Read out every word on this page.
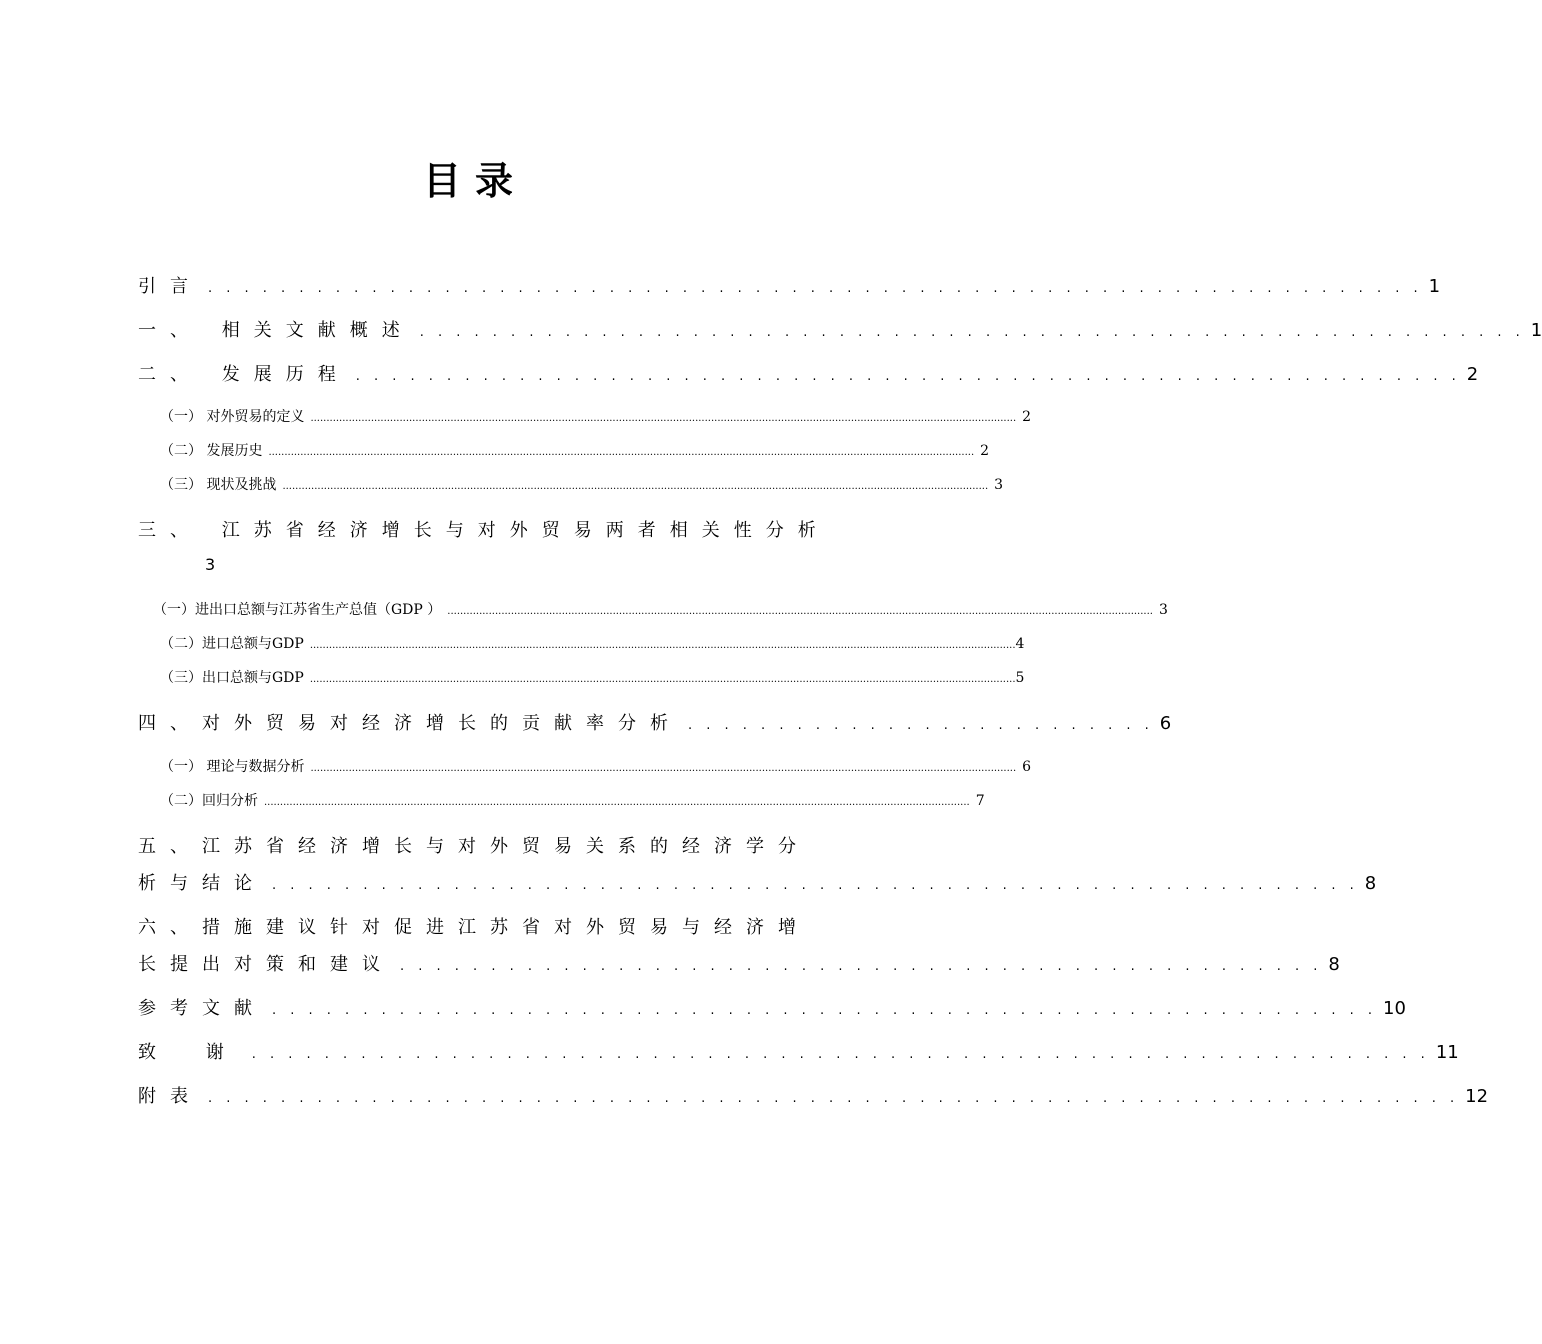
目录
引言 . . . . . . . . . . . . . . . . . . . . . . . . . . . . . . . . . . . . . . . . . . . . . . . . . . . . . . . . . . . . . . . . . . . 1
一、 相关文献概述 . . . . . . . . . . . . . . . . . . . . . . . . . . . . . . . . . . . . . . . . . . . . . . . . . . . . . . . . . . . . . 1
二、 发展历程 . . . . . . . . . . . . . . . . . . . . . . . . . . . . . . . . . . . . . . . . . . . . . . . . . . . . . . . . . . . . . 2
（一） 对外贸易的定义 .............................................................................................................................................................................................................................. 2
（二） 发展历史 .............................................................................................................................................................................................................................. 2
（三） 现状及挑战 .............................................................................................................................................................................................................................. 3
三、 江苏省经济增长与对外贸易两者相关性分析
3
（一）进出口总额与江苏省生产总值（GDP ） .............................................................................................................................................................................................................................. 3
（二）进口总额与GDP .............................................................................................................................................................................................................................. 4
（三）出口总额与GDP .............................................................................................................................................................................................................................. 5
四、对外贸易对经济增长的贡献率分析 . . . . . . . . . . . . . . . . . . . . . . . . . . 6
（一） 理论与数据分析 .............................................................................................................................................................................................................................. 6
（二）回归分析 .............................................................................................................................................................................................................................. 7
五、江苏省经济增长与对外贸易关系的经济学分
析与结论 . . . . . . . . . . . . . . . . . . . . . . . . . . . . . . . . . . . . . . . . . . . . . . . . . . . . . . . . . . . . 8
六、措施建议针对促进江苏省对外贸易与经济增
长提出对策和建议 . . . . . . . . . . . . . . . . . . . . . . . . . . . . . . . . . . . . . . . . . . . . . . . . . . . 8
参考文献 . . . . . . . . . . . . . . . . . . . . . . . . . . . . . . . . . . . . . . . . . . . . . . . . . . . . . . . . . . . . . 10
致 谢 . . . . . . . . . . . . . . . . . . . . . . . . . . . . . . . . . . . . . . . . . . . . . . . . . . . . . . . . . . . . . . . . . 11
附表 . . . . . . . . . . . . . . . . . . . . . . . . . . . . . . . . . . . . . . . . . . . . . . . . . . . . . . . . . . . . . . . . . . . . . 12
